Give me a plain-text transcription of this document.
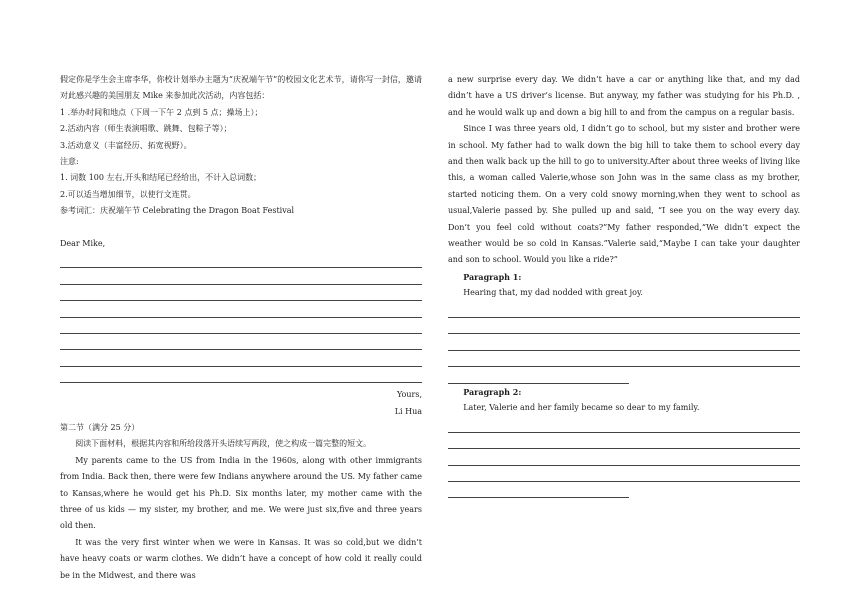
假定你是学生会主席李华，你校计划举办主题为“庆祝端午节”的校园文化艺术节，请你写一封信，邀请对此感兴趣的美国朋友 Mike 来参加此次活动，内容包括：

1 .举办时间和地点（下周一下午 2 点到 5 点；操场上）；

2.活动内容（师生表演唱歌、跳舞、包粽子等）；

3.活动意义（丰富经历、拓宽视野）。

注意:

1. 词数 100 左右,开头和结尾已经给出，不计入总词数；

2.可以适当增加细节，以使行文连贯。

参考词汇：庆祝端午节 Celebrating the Dragon Boat Festival

Dear Mike,

Yours,

Li Hua

第二节（满分 25 分）

阅读下面材料，根据其内容和所给段落开头语续写两段，使之构成一篇完整的短文。

My parents came to the US from India in the 1960s, along with other immigrants from India. Back then, there were few Indians anywhere around the US. My father came to Kansas,where he would get his Ph.D. Six months later, my mother came with the three of us kids — my sister, my brother, and me. We were just six,five and three years old then.

It was the very first winter when we were in Kansas. It was so cold,but we didn’t have heavy coats or warm clothes. We didn’t have a concept of how cold it really could be in the Midwest, and there was

a new surprise every day. We didn’t have a car or anything like that, and my dad didn’t have a US driver’s license. But anyway, my father was studying for his Ph.D. , and he would walk up and down a big hill to and from the campus on a regular basis.

Since I was three years old, I didn’t go to school, but my sister and brother were in school. My father had to walk down the big hill to take them to school every day and then walk back up the hill to go to university.After about three weeks of living like this, a woman called Valerie,whose son John was in the same class as my brother, started noticing them. On a very cold snowy morning,when they went to school as usual,Valerie passed by. She pulled up and said, “I see you on the way every day. Don’t you feel cold without coats?”My father responded,“We didn’t expect the weather would be so cold in Kansas.”Valerie said,“Maybe I can take your daughter and son to school. Would you like a ride?”

Paragraph 1:

Hearing that, my dad nodded with great joy.

Paragraph 2:

Later, Valerie and her family became so dear to my family.
